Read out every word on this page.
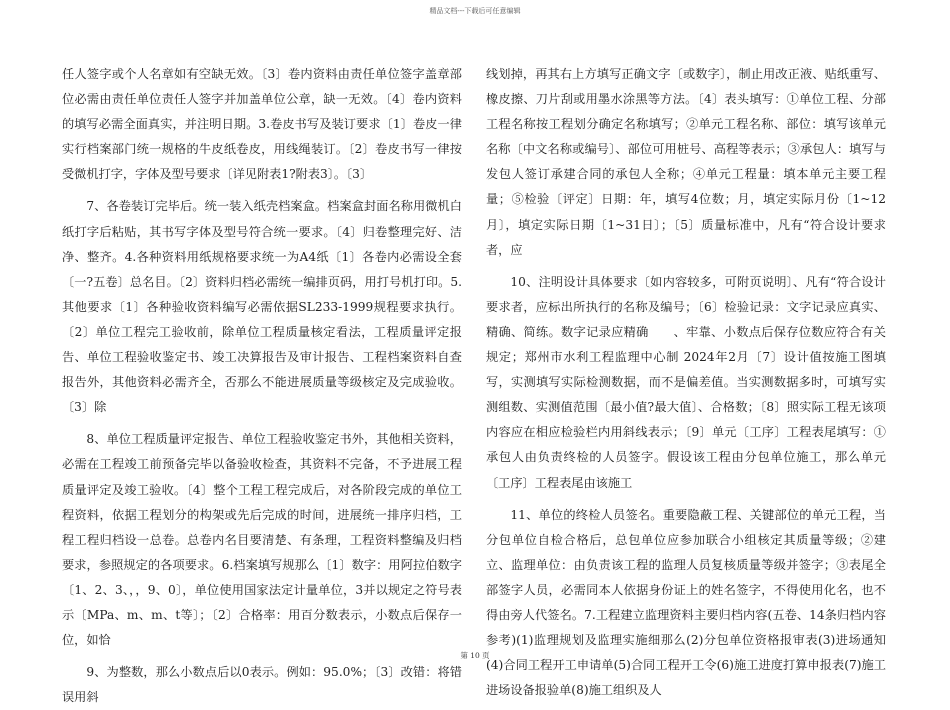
精品文档---下载后可任意编辑

任人签字或个人名章如有空缺无效。〔3〕卷内资料由责任单位签字盖章部位必需由责任单位责任人签字并加盖单位公章，缺一无效。〔4〕卷内资料的填写必需全面真实，并注明日期。3.卷皮书写及装订要求〔1〕卷皮一律实行档案部门统一规格的牛皮纸卷皮，用线绳装订。〔2〕卷皮书写一律按受微机打字，字体及型号要求〔详见附表1?附表3〕。〔3〕

7、各卷装订完毕后。统一装入纸壳档案盒。档案盒封面名称用微机白纸打字后粘贴，其书写字体及型号符合统一要求。〔4〕归卷整理完好、洁净、整齐。4.各种资料用纸规格要求统一为A4纸〔1〕各卷内必需设全套〔一?五卷〕总名目。〔2〕资料归档必需统一编排页码，用打号机打印。5.其他要求〔1〕各种验收资料编写必需依据SL233-1999规程要求执行。〔2〕单位工程完工验收前，除单位工程质量核定看法，工程质量评定报告、单位工程验收鉴定书、竣工决算报告及审计报告、工程档案资料自查报告外，其他资料必需齐全，否那么不能进展质量等级核定及完成验收。〔3〕除

8、单位工程质量评定报告、单位工程验收鉴定书外，其他相关资料，必需在工程竣工前预备完毕以备验收检查，其资料不完备，不予进展工程质量评定及竣工验收。〔4〕整个工程工程完成后，对各阶段完成的单位工程资料，依据工程划分的构架或先后完成的时间，进展统一排序归档，工程工程归档设一总卷。总卷内名目要清楚、有条理，工程资料整编及归档要求，参照规定的各项要求。6.档案填写规那么〔1〕数字：用阿拉伯数字〔1、2、3、，，9、0〕，单位使用国家法定计量单位，3并以规定之符号表示〔MPa、m、m、t等〕；〔2〕合格率：用百分数表示，小数点后保存一位，如恰

9、为整数，那么小数点后以0表示。例如：95.0%；〔3〕改错：将错误用斜

线划掉，再其右上方填写正确文字〔或数字〕，制止用改正液、贴纸重写、橡皮擦、刀片刮或用墨水涂黑等方法。〔4〕表头填写：①单位工程、分部工程名称按工程划分确定名称填写；②单元工程名称、部位：填写该单元名称〔中文名称或编号〕、部位可用桩号、高程等表示；③承包人：填写与发包人签订承建合同的承包人全称；④单元工程量：填本单元主要工程量；⑤检验〔评定〕日期：年，填写4位数；月，填定实际月份〔1~12月〕，填定实际日期〔1~31日〕；〔5〕质量标准中，凡有“符合设计要求者，应

10、注明设计具体要求〔如内容较多，可附页说明〕、凡有“符合设计要求者，应标出所执行的名称及编号；〔6〕检验记录：文字记录应真实、精确、简练。数字记录应精确　　、牢靠、小数点后保存位数应符合有关规定；郑州市水利工程监理中心制 2024年2月〔7〕设计值按施工图填写，实测填写实际检测数据，而不是偏差值。当实测数据多时，可填写实测组数、实测值范围〔最小值?最大值〕、合格数；〔8〕照实际工程无该项内容应在相应检验栏内用斜线表示；〔9〕单元〔工序〕工程表尾填写：①承包人由负责终检的人员签字。假设该工程由分包单位施工，那么单元〔工序〕工程表尾由该施工

11、单位的终检人员签名。重要隐蔽工程、关键部位的单元工程，当分包单位自检合格后，总包单位应参加联合小组核定其质量等级；②建立、监理单位：由负责该工程的监理人员复核质量等级并签字；③表尾全部签字人员，必需同本人依据身份证上的姓名签字，不得使用化名，也不得由旁人代签名。7.工程建立监理资料主要归档内容(五卷、14条归档内容参考)(1)监理规划及监理实施细那么(2)分包单位资格报审表(3)进场通知(4)合同工程开工申请单(5)合同工程开工令(6)施工进度打算申报表(7)施工进场设备报验单(8)施工组织及人

第 10 页
